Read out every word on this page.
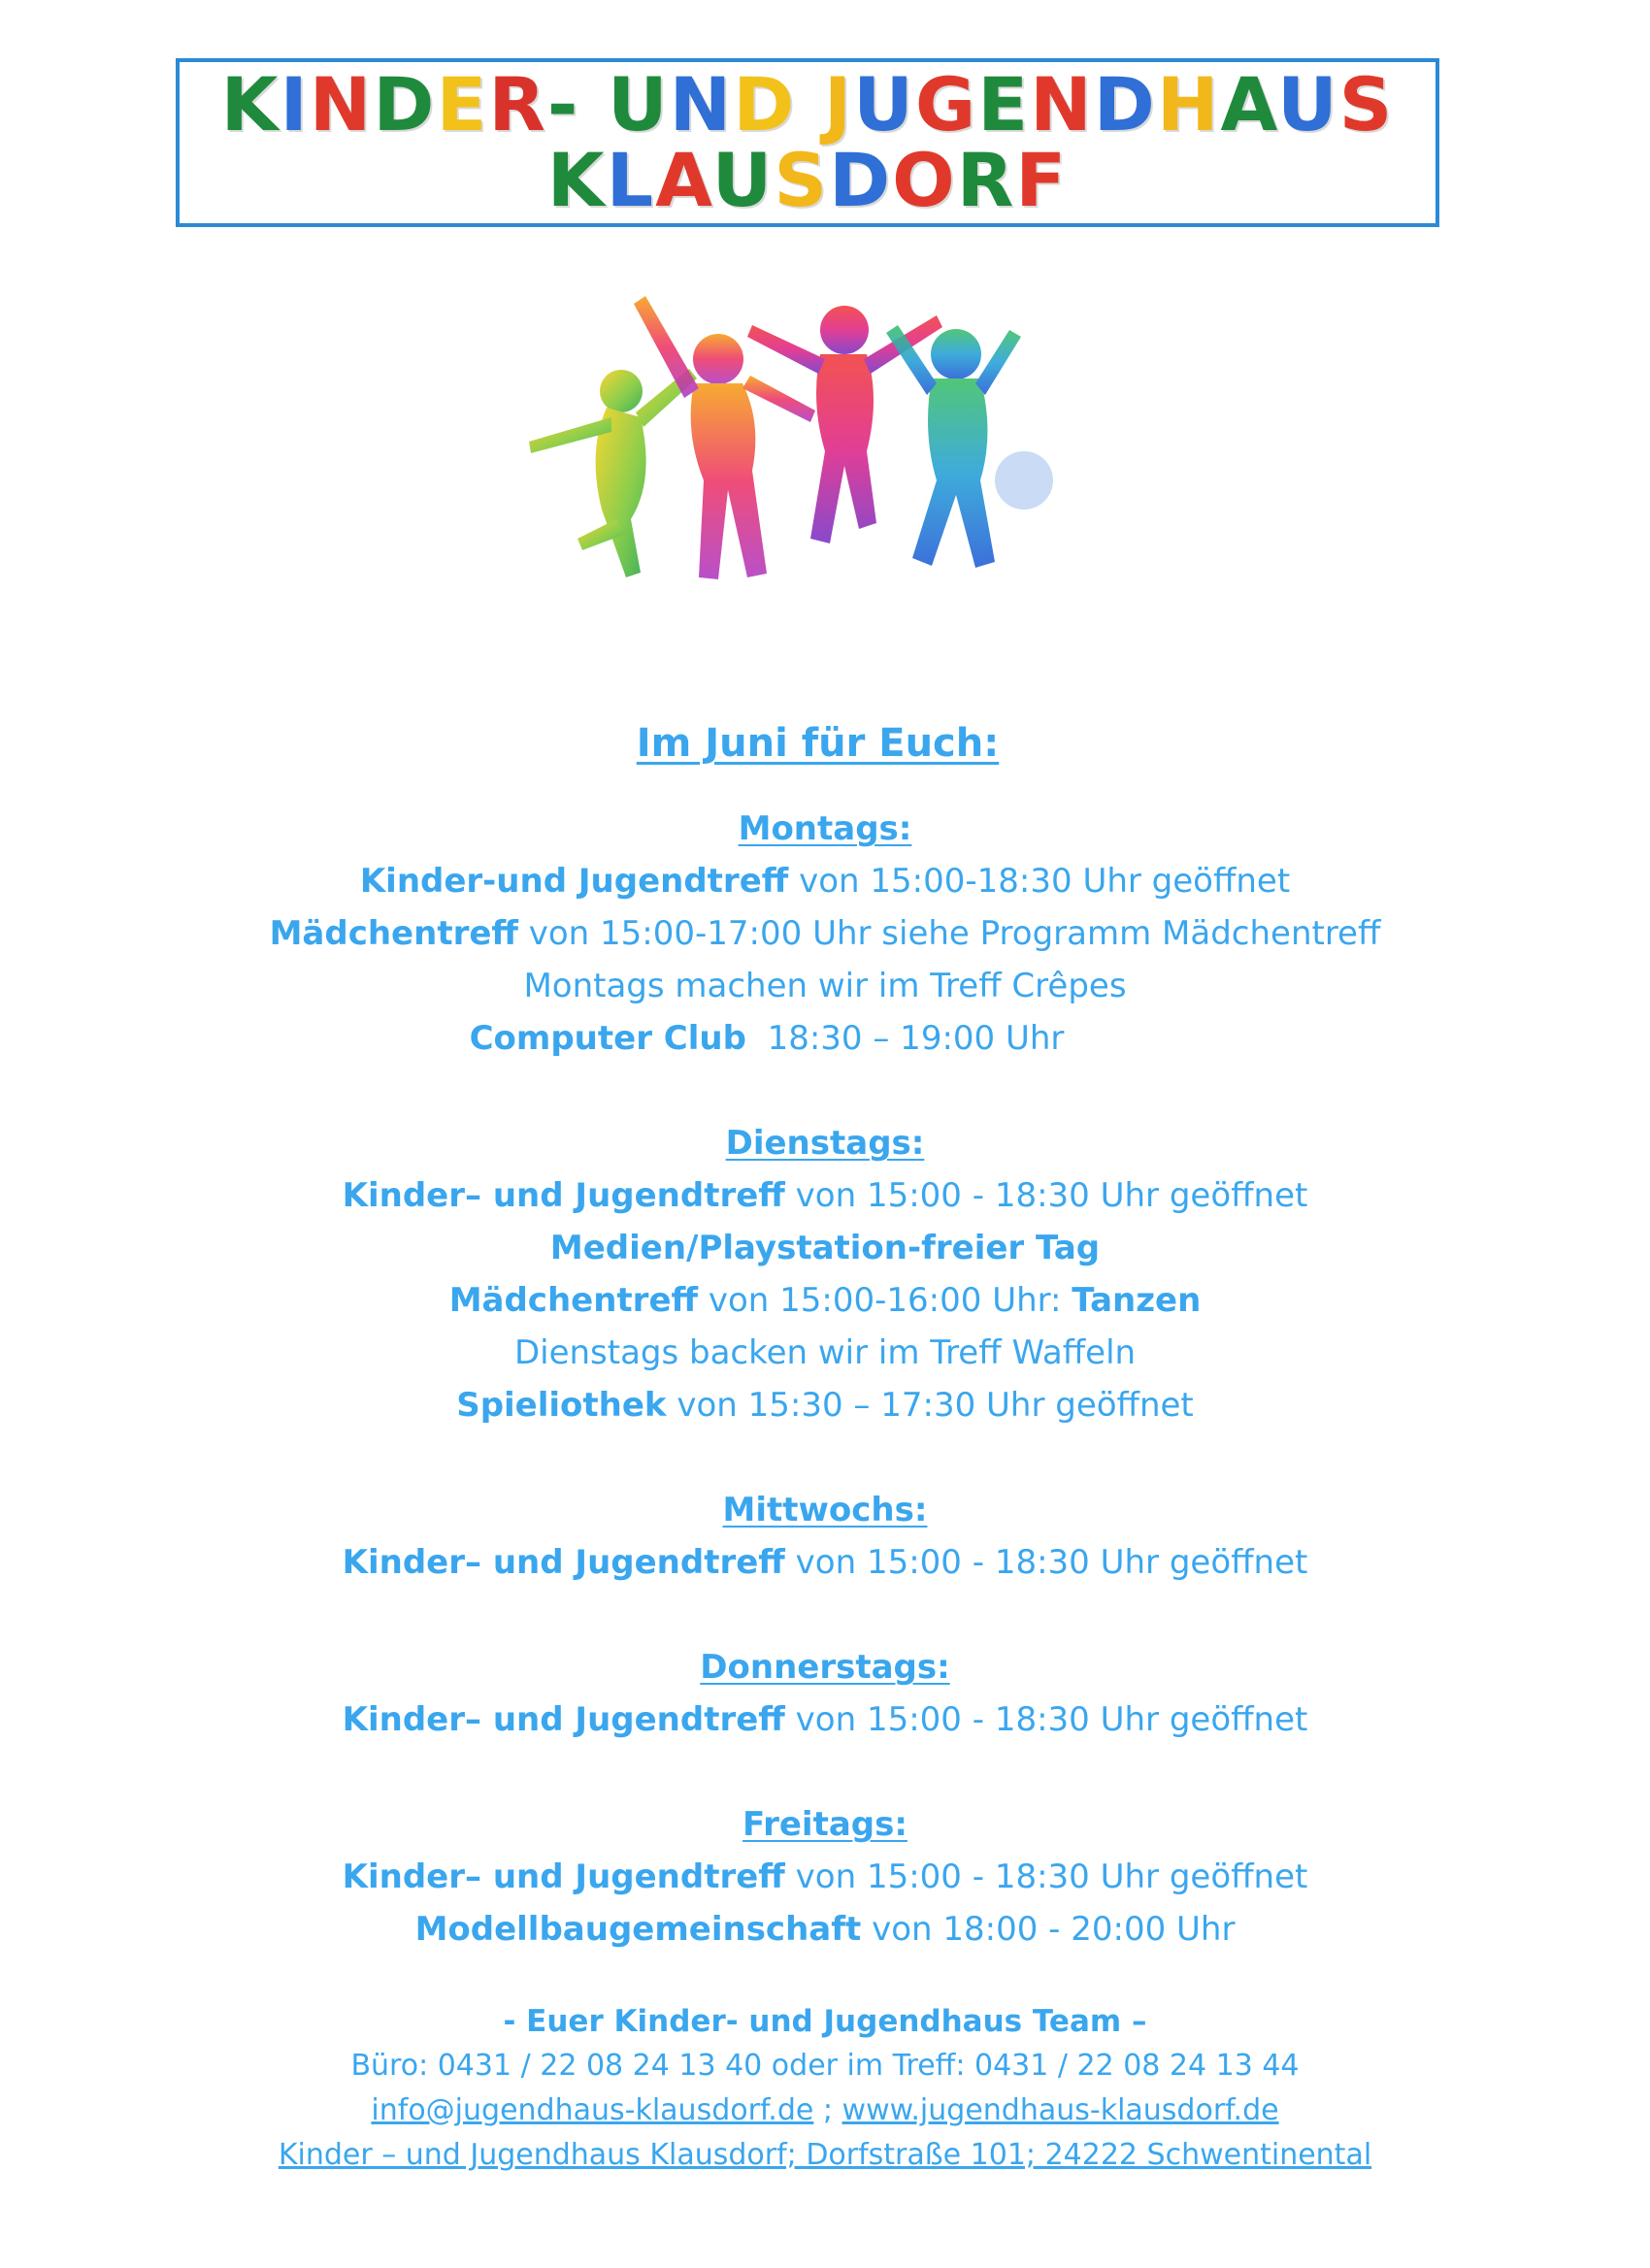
KINDER- UND JUGENDHAUS
KLAUSDORF
Im Juni für Euch:
Montags:
Kinder-und Jugendtreff von 15:00-18:30 Uhr geöffnet
Mädchentreff von 15:00-17:00 Uhr siehe Programm Mädchentreff
Montags machen wir im Treff Crêpes
Computer Club  18:30 – 19:00 Uhr
Dienstags:
Kinder– und Jugendtreff von 15:00 - 18:30 Uhr geöffnet
Medien/Playstation-freier Tag
Mädchentreff von 15:00-16:00 Uhr: Tanzen
Dienstags backen wir im Treff Waffeln
Spieliothek von 15:30 – 17:30 Uhr geöffnet
Mittwochs:
Kinder– und Jugendtreff von 15:00 - 18:30 Uhr geöffnet
Donnerstags:
Kinder– und Jugendtreff von 15:00 - 18:30 Uhr geöffnet
Freitags:
Kinder– und Jugendtreff von 15:00 - 18:30 Uhr geöffnet
Modellbaugemeinschaft von 18:00 - 20:00 Uhr
- Euer Kinder- und Jugendhaus Team –
Büro: 0431 / 22 08 24 13 40 oder im Treff: 0431 / 22 08 24 13 44
info@jugendhaus-klausdorf.de ; www.jugendhaus-klausdorf.de
Kinder – und Jugendhaus Klausdorf; Dorfstraße 101; 24222 Schwentinental
